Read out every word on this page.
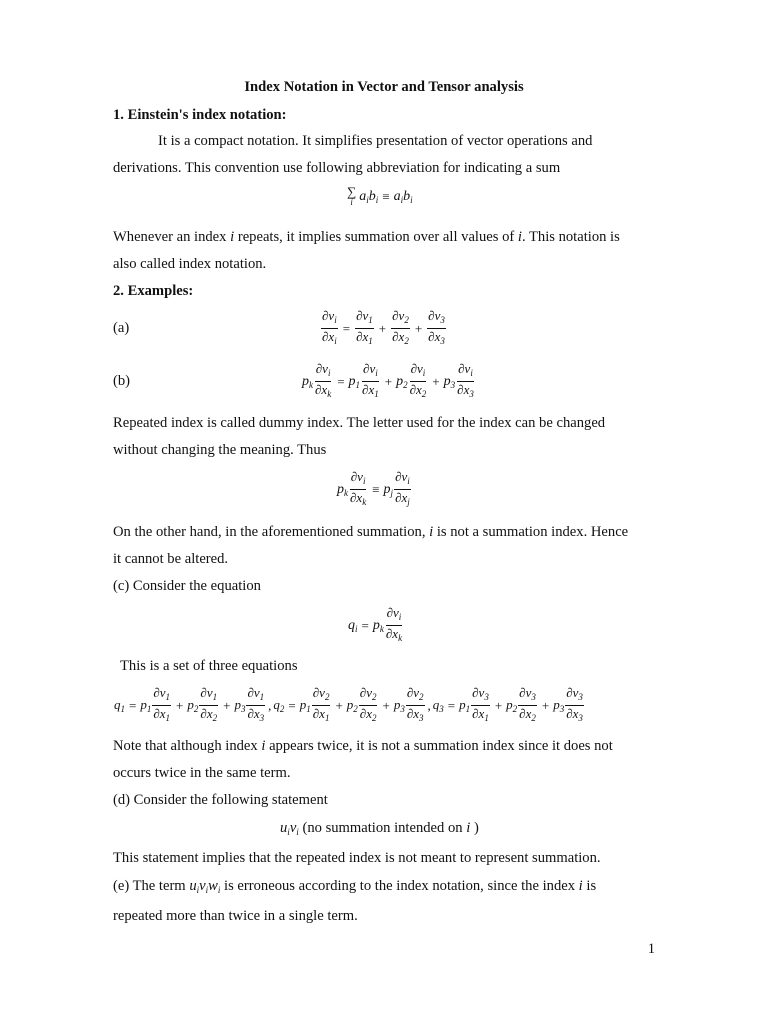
Index Notation in Vector and Tensor analysis
1. Einstein's index notation:
It is a compact notation. It simplifies presentation of vector operations and
derivations. This convention use following abbreviation for indicating a sum
∑
i $a_ib_i \equiv a_ib_i$
Whenever an index i repeats, it implies summation over all values of i. This notation is
also called index notation.
2. Examples:
(a)	$\frac{\partial v_i}{\partial x_i} = \frac{\partial v_1}{\partial x_1} + \frac{\partial v_2}{\partial x_2} + \frac{\partial v_3}{\partial x_3}$
(b)	$p_k \frac{\partial v_i}{\partial x_k} = p_1 \frac{\partial v_i}{\partial x_1} + p_2 \frac{\partial v_i}{\partial x_2} + p_3 \frac{\partial v_i}{\partial x_3}$
Repeated index is called dummy index. The letter used for the index can be changed
without changing the meaning. Thus
$p_k \frac{\partial v_i}{\partial x_k} \equiv p_j \frac{\partial v_i}{\partial x_j}$
On the other hand, in the aforementioned summation, i is not a summation index. Hence
it cannot be altered.
(c) Consider the equation
$q_i = p_k \frac{\partial v_i}{\partial x_k}$
This is a set of three equations
$q_1 = p_1 \frac{\partial v_1}{\partial x_1} + p_2 \frac{\partial v_1}{\partial x_2} + p_3 \frac{\partial v_1}{\partial x_3}$ , $q_2 = p_1 \frac{\partial v_2}{\partial x_1} + p_2 \frac{\partial v_2}{\partial x_2} + p_3 \frac{\partial v_2}{\partial x_3}$ , $q_3 = p_1 \frac{\partial v_3}{\partial x_1} + p_2 \frac{\partial v_3}{\partial x_2} + p_3 \frac{\partial v_3}{\partial x_3}$
Note that although index i appears twice, it is not a summation index since it does not
occurs twice in the same term.
(d) Consider the following statement
$u_iv_i$ (no summation intended on i )
This statement implies that the repeated index is not meant to represent summation.
(e) The term $u_iv_iw_i$ is erroneous according to the index notation, since the index i is
repeated more than twice in a single term.
1
